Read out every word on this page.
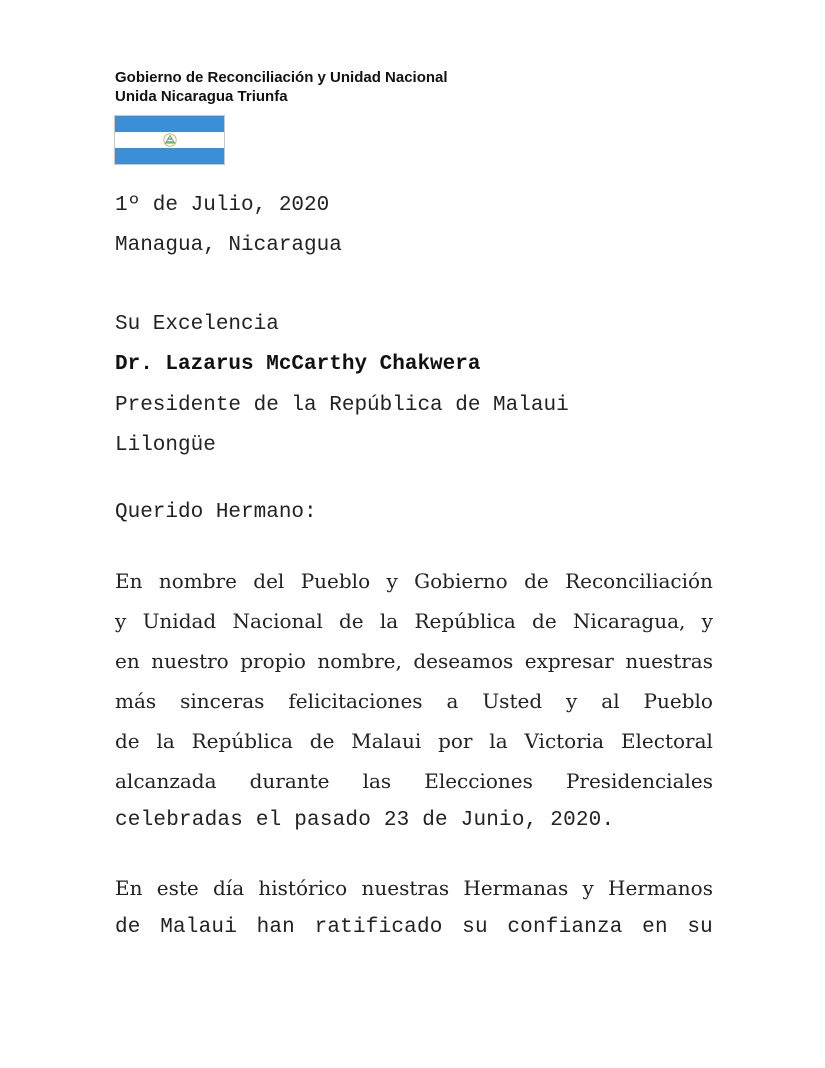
Gobierno de Reconciliación y Unidad Nacional
Unida Nicaragua Triunfa
1º de Julio, 2020
Managua, Nicaragua
Su Excelencia
Dr. Lazarus McCarthy Chakwera
Presidente de la República de Malaui
Lilongüe
Querido Hermano:
En nombre del Pueblo y Gobierno de Reconciliación
y Unidad Nacional de la República de Nicaragua, y
en nuestro propio nombre, deseamos expresar nuestras
más sinceras felicitaciones a Usted y al Pueblo
de la República de Malaui por la Victoria Electoral
alcanzada durante las Elecciones Presidenciales
celebradas el pasado 23 de Junio, 2020.
En este día histórico nuestras Hermanas y Hermanos
de Malaui han ratificado su confianza en su
